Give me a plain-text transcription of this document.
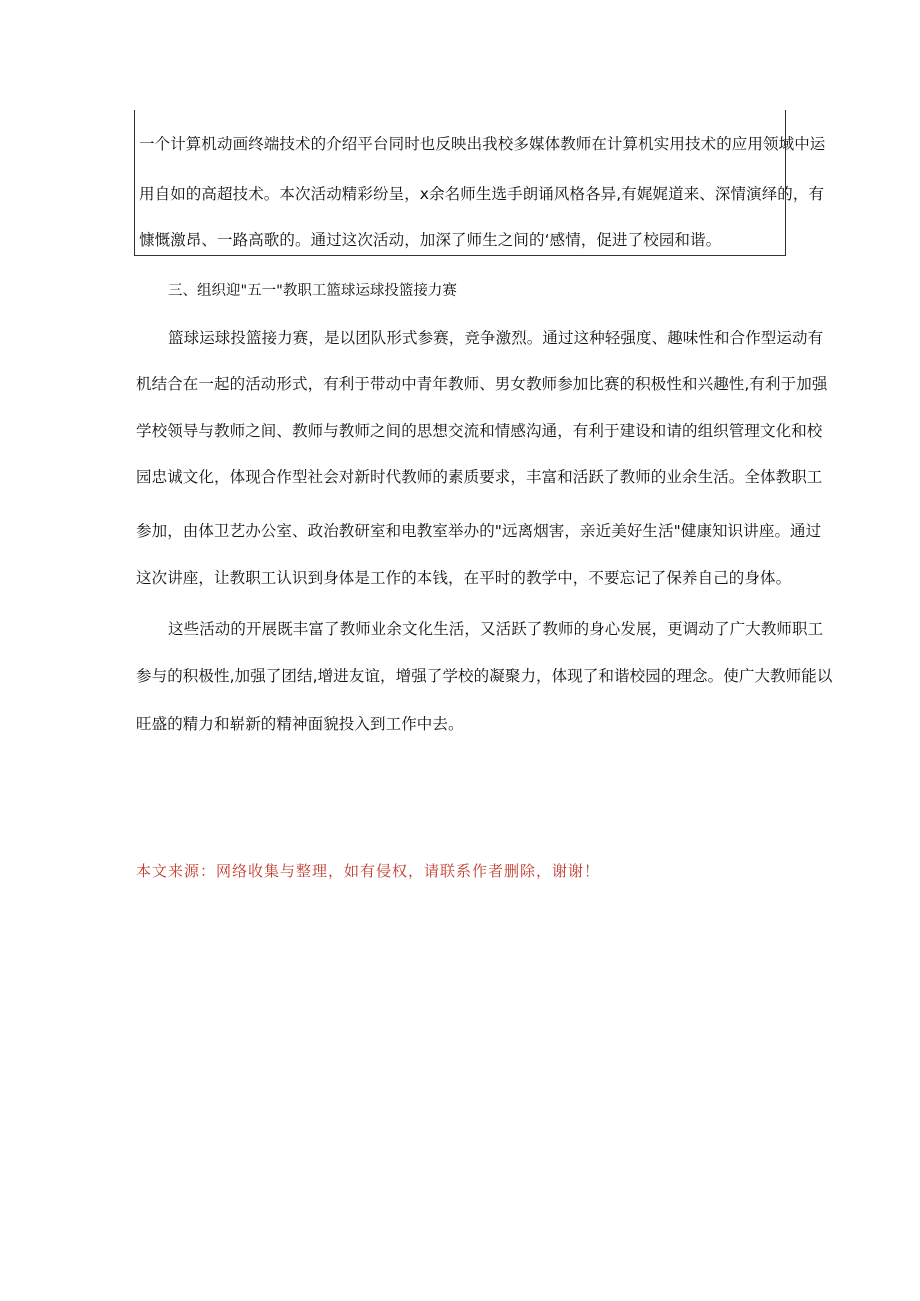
一个计算机动画终端技术的介绍平台同时也反映出我校多媒体教师在计算机实用技术的应用领域中运
用自如的高超技术。本次活动精彩纷呈，x余名师生选手朗诵风格各异,有娓娓道来、深情演绎的，有
慷慨激昂、一路高歌的。通过这次活动，加深了师生之间的‘感情，促进了校园和谐。
三、组织迎"五一"教职工篮球运球投篮接力赛
篮球运球投篮接力赛，是以团队形式参赛，竞争激烈。通过这种轻强度、趣味性和合作型运动有
机结合在一起的活动形式，有利于带动中青年教师、男女教师参加比赛的积极性和兴趣性,有利于加强
学校领导与教师之间、教师与教师之间的思想交流和情感沟通，有利于建设和请的组织管理文化和校
园忠诚文化，体现合作型社会对新时代教师的素质要求，丰富和活跃了教师的业余生活。全体教职工
参加，由体卫艺办公室、政治教研室和电教室举办的"远离烟害，亲近美好生活"健康知识讲座。通过
这次讲座，让教职工认识到身体是工作的本钱，在平时的教学中，不要忘记了保养自己的身体。
这些活动的开展既丰富了教师业余文化生活，又活跃了教师的身心发展，更调动了广大教师职工
参与的积极性,加强了团结,增进友谊，增强了学校的凝聚力，体现了和谐校园的理念。使广大教师能以
旺盛的精力和崭新的精神面貌投入到工作中去。
本文来源：网络收集与整理，如有侵权，请联系作者删除，谢谢！
